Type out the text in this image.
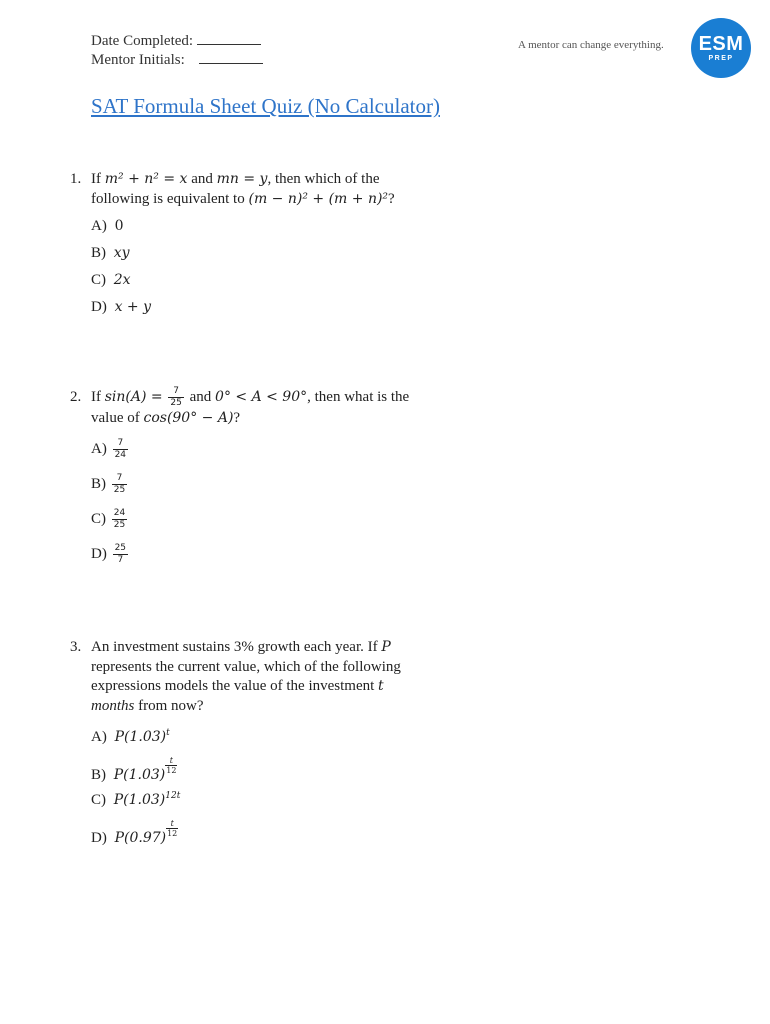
Date Completed:
Mentor Initials:
A mentor can change everything.	ESM
PREP
SAT Formula Sheet Quiz (No Calculator)
1. If m² + n² = x and mn = y, then which of the following is equivalent to (m − n)² + (m + n)²?
A) 0
B) xy
C) 2x
D) x + y
2. If $\sin(A) = \frac{7}{25}$ and 0° < A < 90°, then what is the value of cos(90° − A)?
$A) \frac{7}{24}$
$B) \frac{7}{25}$
$C) \frac{24}{25}$
$D) \frac{25}{7}$
3. An investment sustains 3% growth each year. If P represents the current value, which of the following expressions models the value of the investment t months from now?
A) $P(1.03)^t$
B) $P(1.03) \frac{t}{12}$
C) $P(1.03)^{12t}$
D) $P(0.97) \frac{t}{12}$
